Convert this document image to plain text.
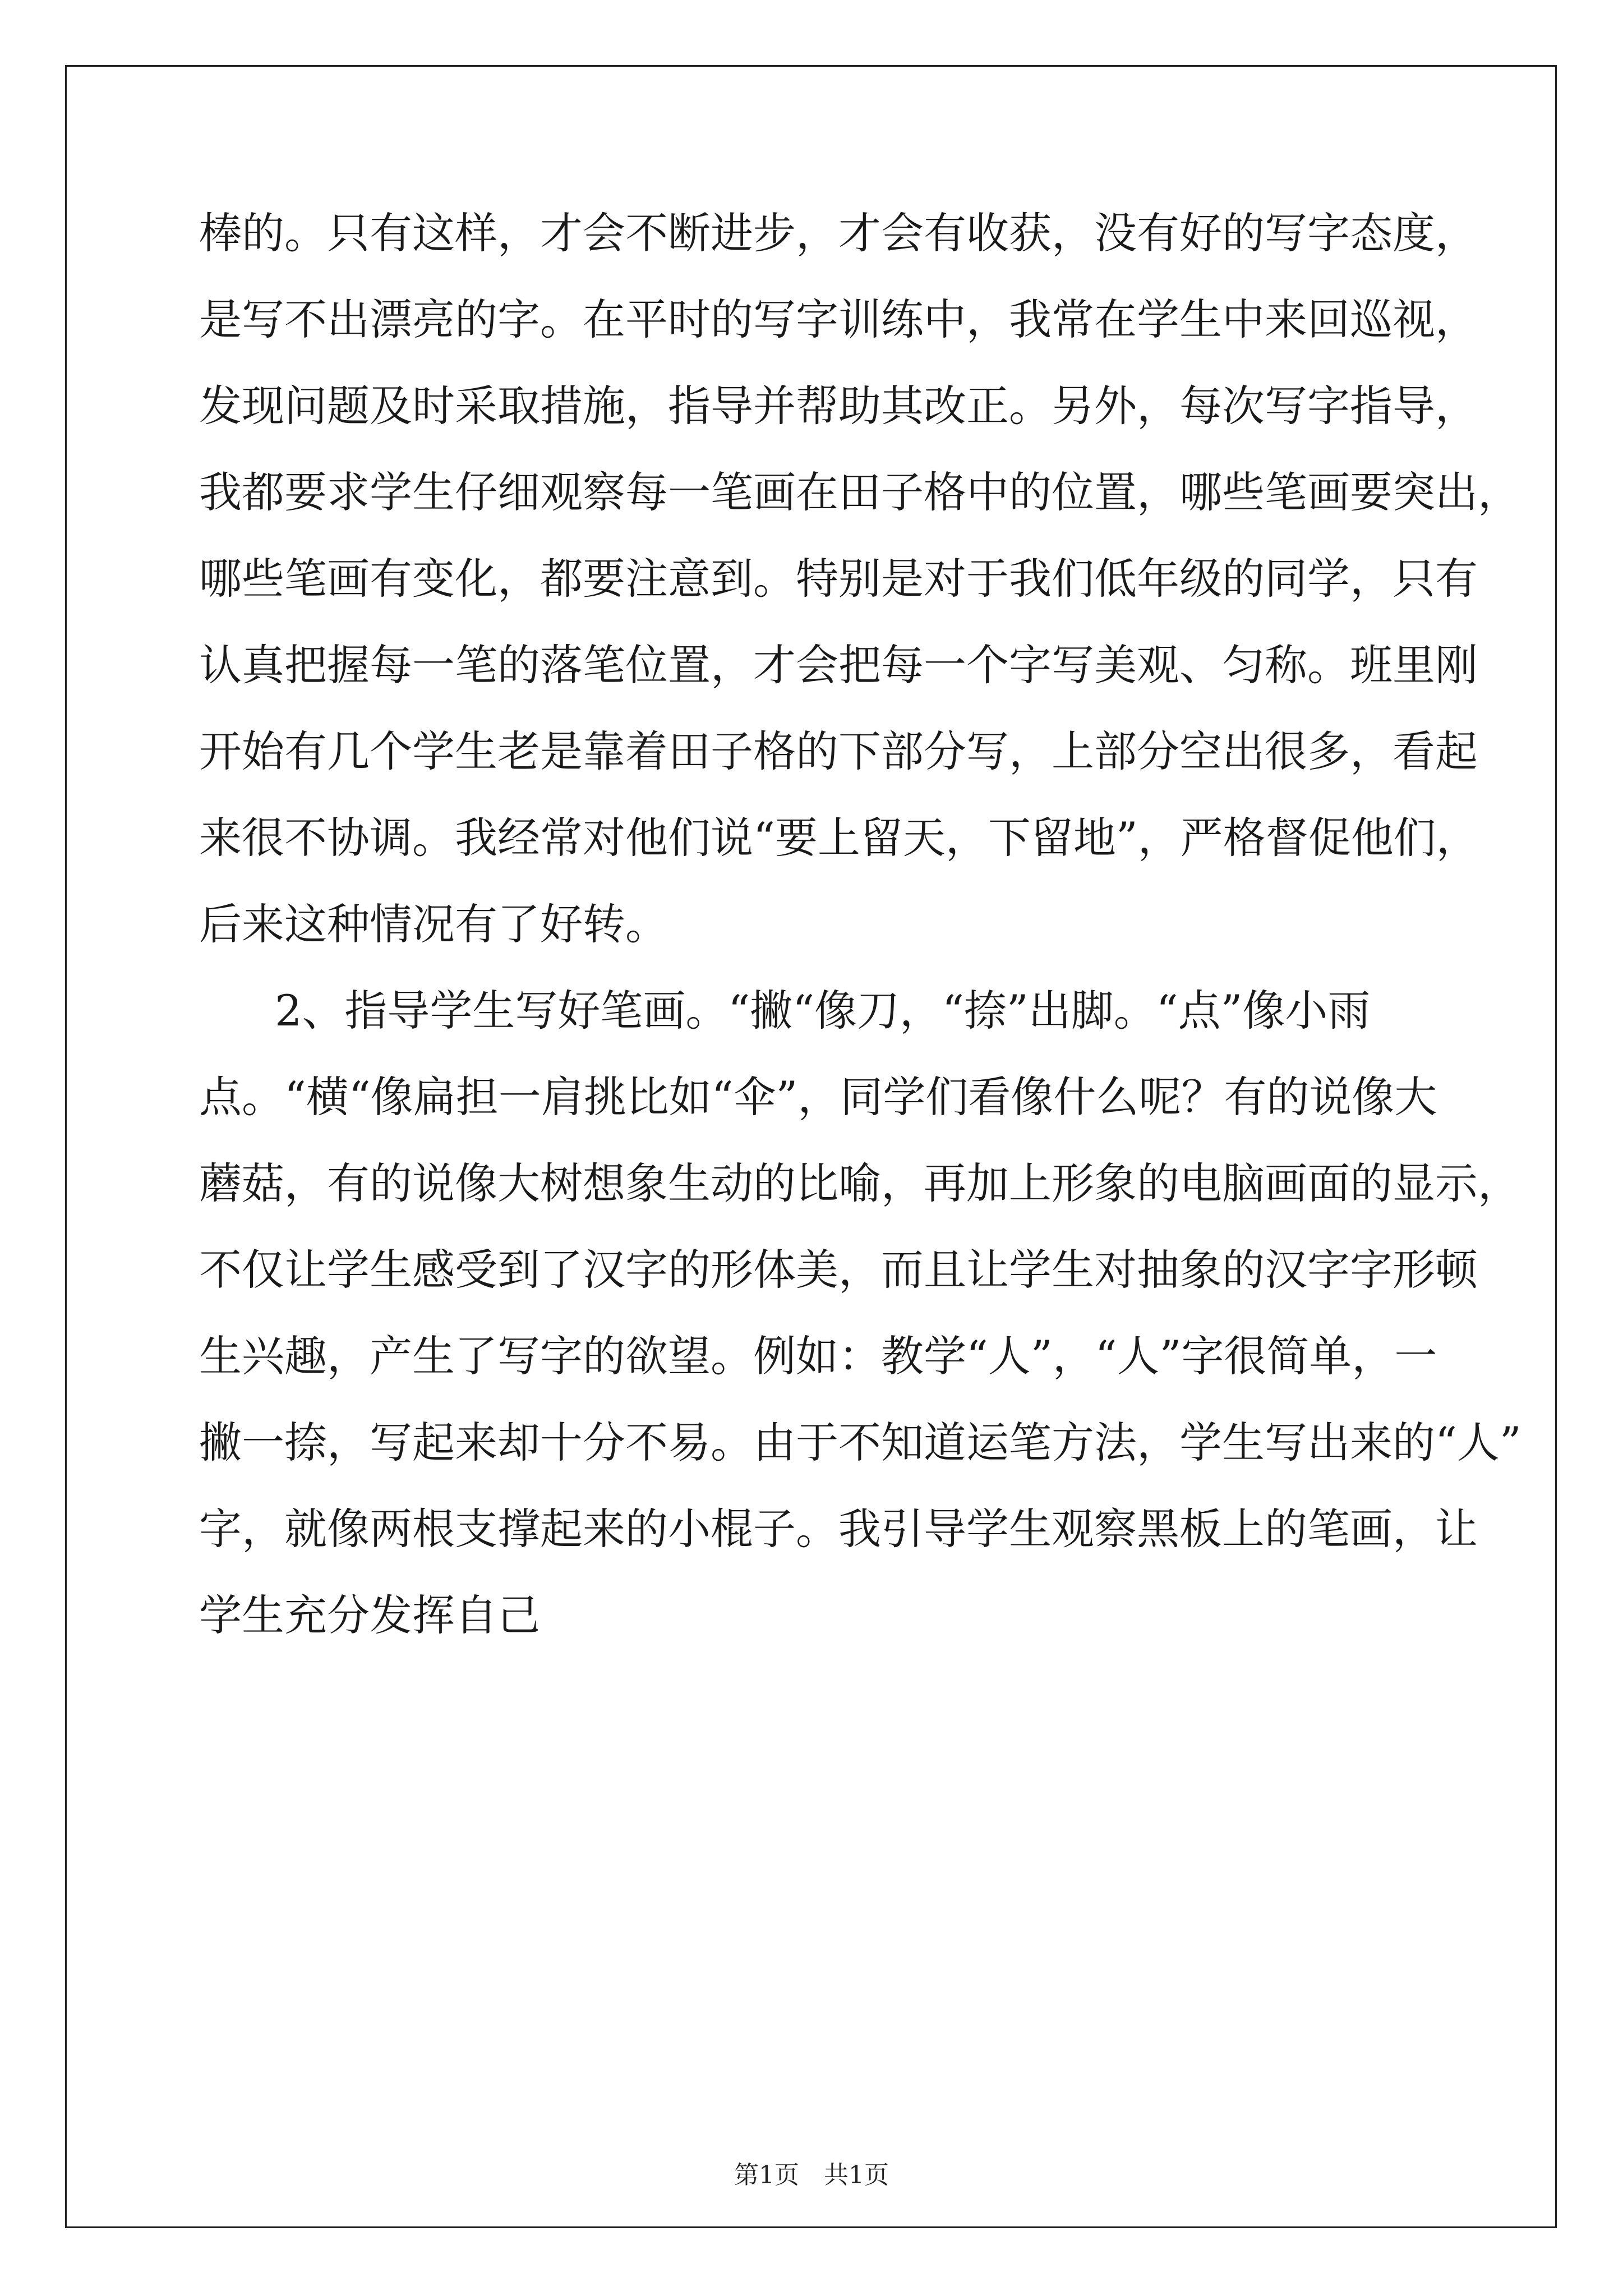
棒的。只有这样，才会不断进步，才会有收获，没有好的写字态度，
是写不出漂亮的字。在平时的写字训练中，我常在学生中来回巡视，
发现问题及时采取措施，指导并帮助其改正。另外，每次写字指导，
我都要求学生仔细观察每一笔画在田子格中的位置，哪些笔画要突出，
哪些笔画有变化，都要注意到。特别是对于我们低年级的同学，只有
认真把握每一笔的落笔位置，才会把每一个字写美观、匀称。班里刚
开始有几个学生老是靠着田子格的下部分写，上部分空出很多，看起
来很不协调。我经常对他们说“要上留天，下留地”，严格督促他们，
后来这种情况有了好转。
2、指导学生写好笔画。“撇“像刀，“捺”出脚。“点”像小雨
点。“横“像扁担一肩挑比如“伞”，同学们看像什么呢？有的说像大
蘑菇，有的说像大树想象生动的比喻，再加上形象的电脑画面的显示，
不仅让学生感受到了汉字的形体美，而且让学生对抽象的汉字字形顿
生兴趣，产生了写字的欲望。例如：教学“人”，“人”字很简单，一
撇一捺，写起来却十分不易。由于不知道运笔方法，学生写出来的“人”
字，就像两根支撑起来的小棍子。我引导学生观察黑板上的笔画，让
学生充分发挥自己
第1页　共1页
